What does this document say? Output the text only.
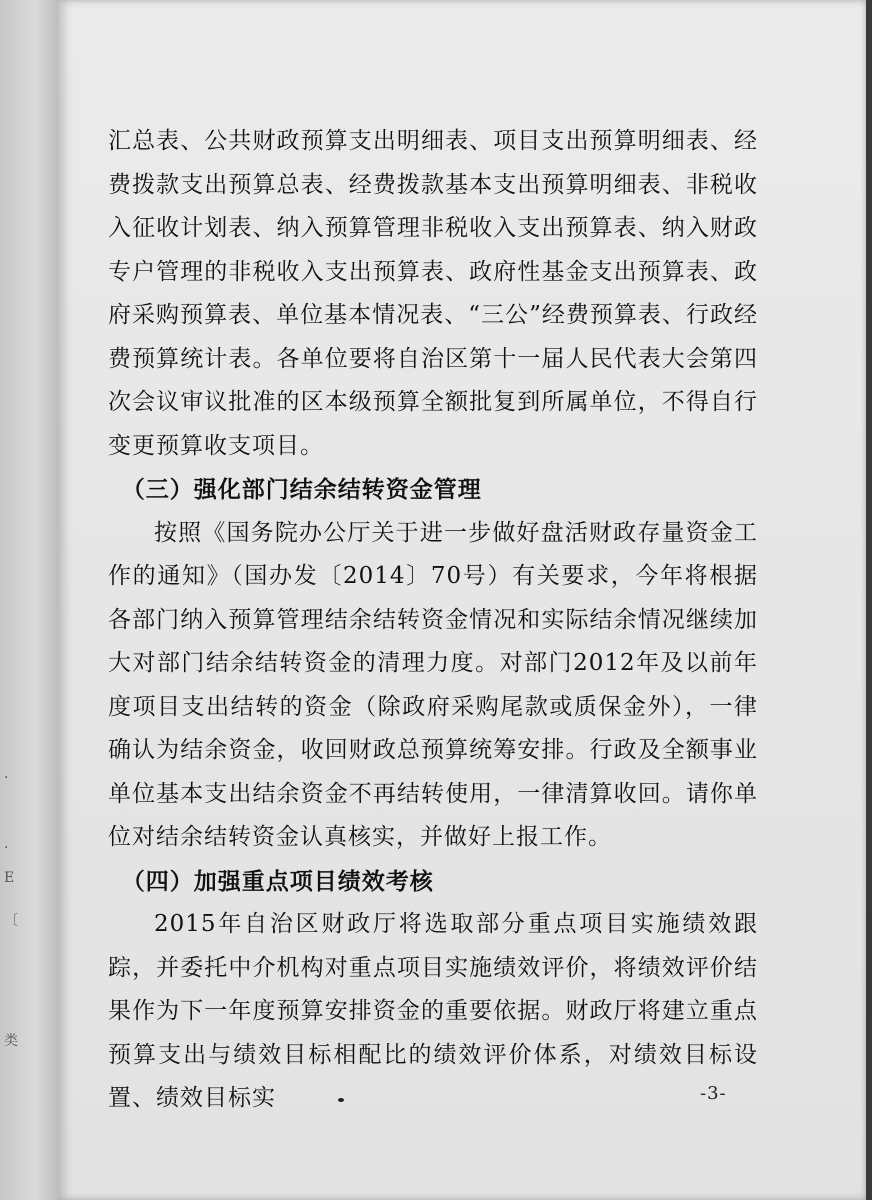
·
·
E
〔
类

汇总表、公共财政预算支出明细表、项目支出预算明细表、经费拨款支出预算总表、经费拨款基本支出预算明细表、非税收入征收计划表、纳入预算管理非税收入支出预算表、纳入财政专户管理的非税收入支出预算表、政府性基金支出预算表、政府采购预算表、单位基本情况表、“三公”经费预算表、行政经费预算统计表。各单位要将自治区第十一届人民代表大会第四次会议审议批准的区本级预算全额批复到所属单位，不得自行变更预算收支项目。

（三）强化部门结余结转资金管理

按照《国务院办公厅关于进一步做好盘活财政存量资金工作的通知》（国办发〔2014〕70号）有关要求，今年将根据各部门纳入预算管理结余结转资金情况和实际结余情况继续加大对部门结余结转资金的清理力度。对部门2012年及以前年度项目支出结转的资金（除政府采购尾款或质保金外），一律确认为结余资金，收回财政总预算统筹安排。行政及全额事业单位基本支出结余资金不再结转使用，一律清算收回。请你单位对结余结转资金认真核实，并做好上报工作。

（四）加强重点项目绩效考核

2015年自治区财政厅将选取部分重点项目实施绩效跟踪，并委托中介机构对重点项目实施绩效评价，将绩效评价结果作为下一年度预算安排资金的重要依据。财政厅将建立重点预算支出与绩效目标相配比的绩效评价体系，对绩效目标设置、绩效目标实	-3-
